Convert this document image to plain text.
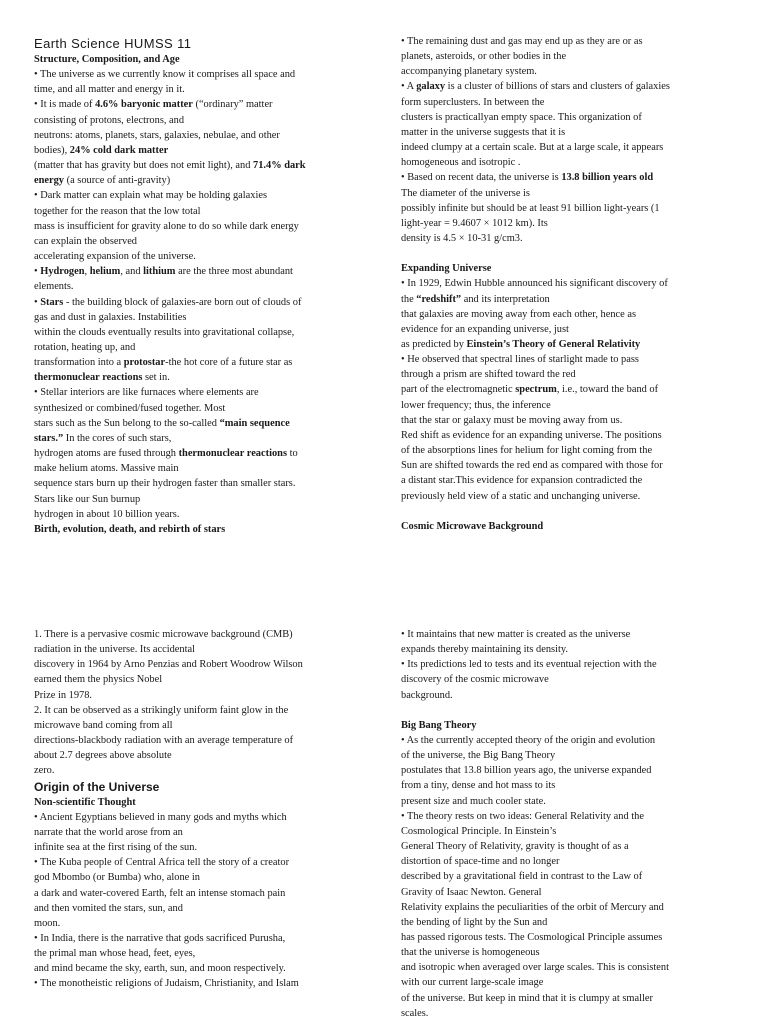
Earth Science HUMSS 11

Structure, Composition, and Age

• The universe as we currently know it comprises all space and

time, and all matter and energy in it.

• It is made of 4.6% baryonic matter (“ordinary” matter

consisting of protons, electrons, and

neutrons: atoms, planets, stars, galaxies, nebulae, and other

bodies), 24% cold dark matter

(matter that has gravity but does not emit light), and 71.4% dark

energy (a source of anti-gravity)

• Dark matter can explain what may be holding galaxies

together for the reason that the low total

mass is insufficient for gravity alone to do so while dark energy

can explain the observed

accelerating expansion of the universe.

• Hydrogen, helium, and lithium are the three most abundant

elements.

• Stars - the building block of galaxies-are born out of clouds of

gas and dust in galaxies. Instabilities

within the clouds eventually results into gravitational collapse,

rotation, heating up, and

transformation into a protostar-the hot core of a future star as

thermonuclear reactions set in.

• Stellar interiors are like furnaces where elements are

synthesized or combined/fused together. Most

stars such as the Sun belong to the so-called “main sequence

stars.” In the cores of such stars,

hydrogen atoms are fused through thermonuclear reactions to

make helium atoms. Massive main

sequence stars burn up their hydrogen faster than smaller stars.

Stars like our Sun burnup

hydrogen in about 10 billion years.

Birth, evolution, death, and rebirth of stars

• The remaining dust and gas may end up as they are or as

planets, asteroids, or other bodies in the

accompanying planetary system.

• A galaxy is a cluster of billions of stars and clusters of galaxies

form superclusters. In between the

clusters is practicallyan empty space. This organization of

matter in the universe suggests that it is

indeed clumpy at a certain scale. But at a large scale, it appears

homogeneous and isotropic .

• Based on recent data, the universe is 13.8 billion years old

The diameter of the universe is

possibly infinite but should be at least 91 billion light-years (1

light-year = 9.4607 × 1012 km). Its

density is 4.5 × 10-31 g/cm3.

Expanding Universe

• In 1929, Edwin Hubble announced his significant discovery of

the “redshift” and its interpretation

that galaxies are moving away from each other, hence as

evidence for an expanding universe, just

as predicted by Einstein’s Theory of General Relativity

• He observed that spectral lines of starlight made to pass

through a prism are shifted toward the red

part of the electromagnetic spectrum, i.e., toward the band of

lower frequency; thus, the inference

that the star or galaxy must be moving away from us.

Red shift as evidence for an expanding universe. The positions

of the absorptions lines for helium for light coming from the

Sun are shifted towards the red end as compared with those for

a distant star.This evidence for expansion contradicted the

previously held view of a static and unchanging universe.

Cosmic Microwave Background

1. There is a pervasive cosmic microwave background (CMB)

radiation in the universe. Its accidental

discovery in 1964 by Arno Penzias and Robert Woodrow Wilson

earned them the physics Nobel

Prize in 1978.

2. It can be observed as a strikingly uniform faint glow in the

microwave band coming from all

directions-blackbody radiation with an average temperature of

about 2.7 degrees above absolute

zero.

Origin of the Universe

Non-scientific Thought

• Ancient Egyptians believed in many gods and myths which

narrate that the world arose from an

infinite sea at the first rising of the sun.

• The Kuba people of Central Africa tell the story of a creator

god Mbombo (or Bumba) who, alone in

a dark and water-covered Earth, felt an intense stomach pain

and then vomited the stars, sun, and

moon.

• In India, there is the narrative that gods sacrificed Purusha,

the primal man whose head, feet, eyes,

and mind became the sky, earth, sun, and moon respectively.

• The monotheistic religions of Judaism, Christianity, and Islam

• It maintains that new matter is created as the universe

expands thereby maintaining its density.

• Its predictions led to tests and its eventual rejection with the

discovery of the cosmic microwave

background.

Big Bang Theory

• As the currently accepted theory of the origin and evolution

of the universe, the Big Bang Theory

postulates that 13.8 billion years ago, the universe expanded

from a tiny, dense and hot mass to its

present size and much cooler state.

• The theory rests on two ideas: General Relativity and the

Cosmological Principle. In Einstein’s

General Theory of Relativity, gravity is thought of as a

distortion of space-time and no longer

described by a gravitational field in contrast to the Law of

Gravity of Isaac Newton. General

Relativity explains the peculiarities of the orbit of Mercury and

the bending of light by the Sun and

has passed rigorous tests. The Cosmological Principle assumes

that the universe is homogeneous

and isotropic when averaged over large scales. This is consistent

with our current large-scale image

of the universe. But keep in mind that it is clumpy at smaller

scales.
